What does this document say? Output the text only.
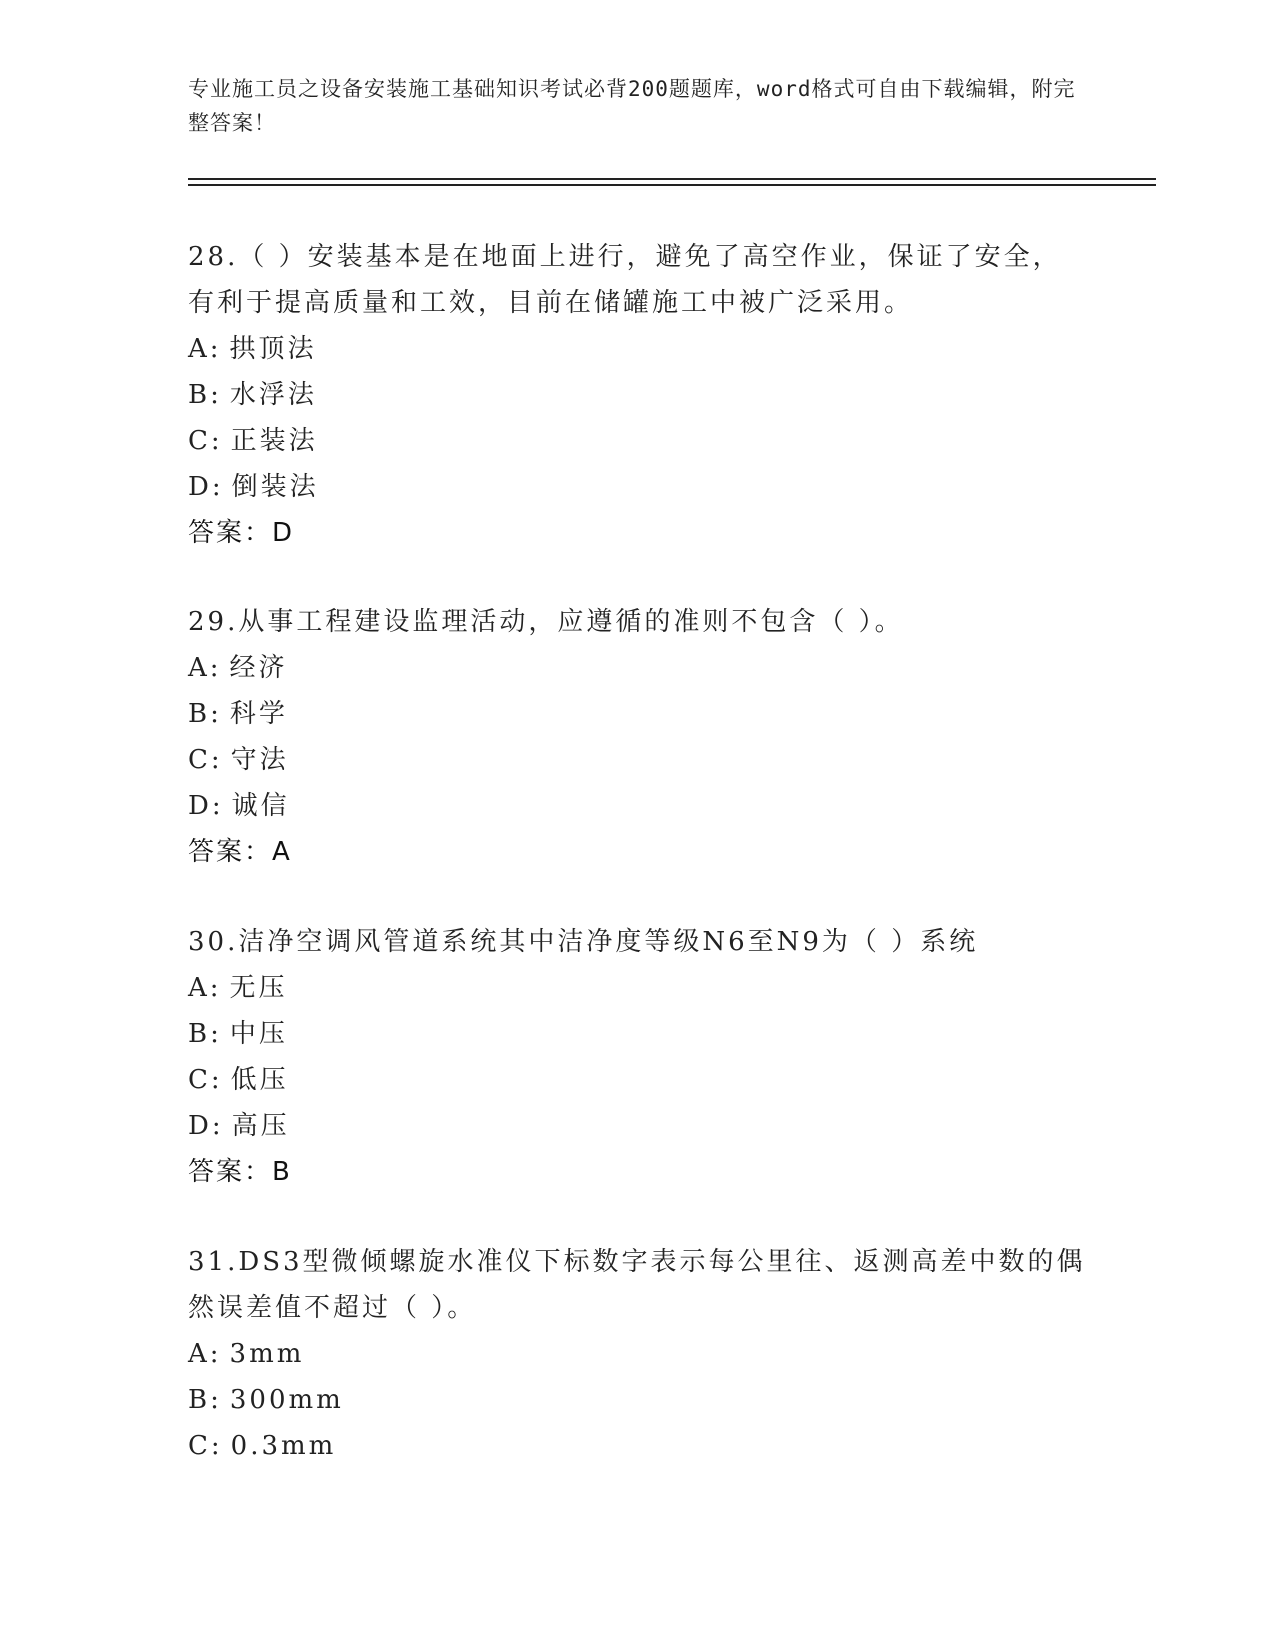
专业施工员之设备安装施工基础知识考试必背200题题库，word格式可自由下载编辑，附完整答案！

28.（ ）安装基本是在地面上进行，避免了高空作业，保证了安全，有利于提高质量和工效，目前在储罐施工中被广泛采用。

A: 拱顶法

B: 水浮法

C: 正装法

D: 倒装法

答案：D

29.从事工程建设监理活动，应遵循的准则不包含（ ）。

A: 经济

B: 科学

C: 守法

D: 诚信

答案：A

30.洁净空调风管道系统其中洁净度等级N6至N9为（ ）系统

A: 无压

B: 中压

C: 低压

D: 高压

答案：B

31.DS3型微倾螺旋水准仪下标数字表示每公里往、返测高差中数的偶然误差值不超过（ ）。

A: 3mm

B: 300mm

C: 0.3mm
